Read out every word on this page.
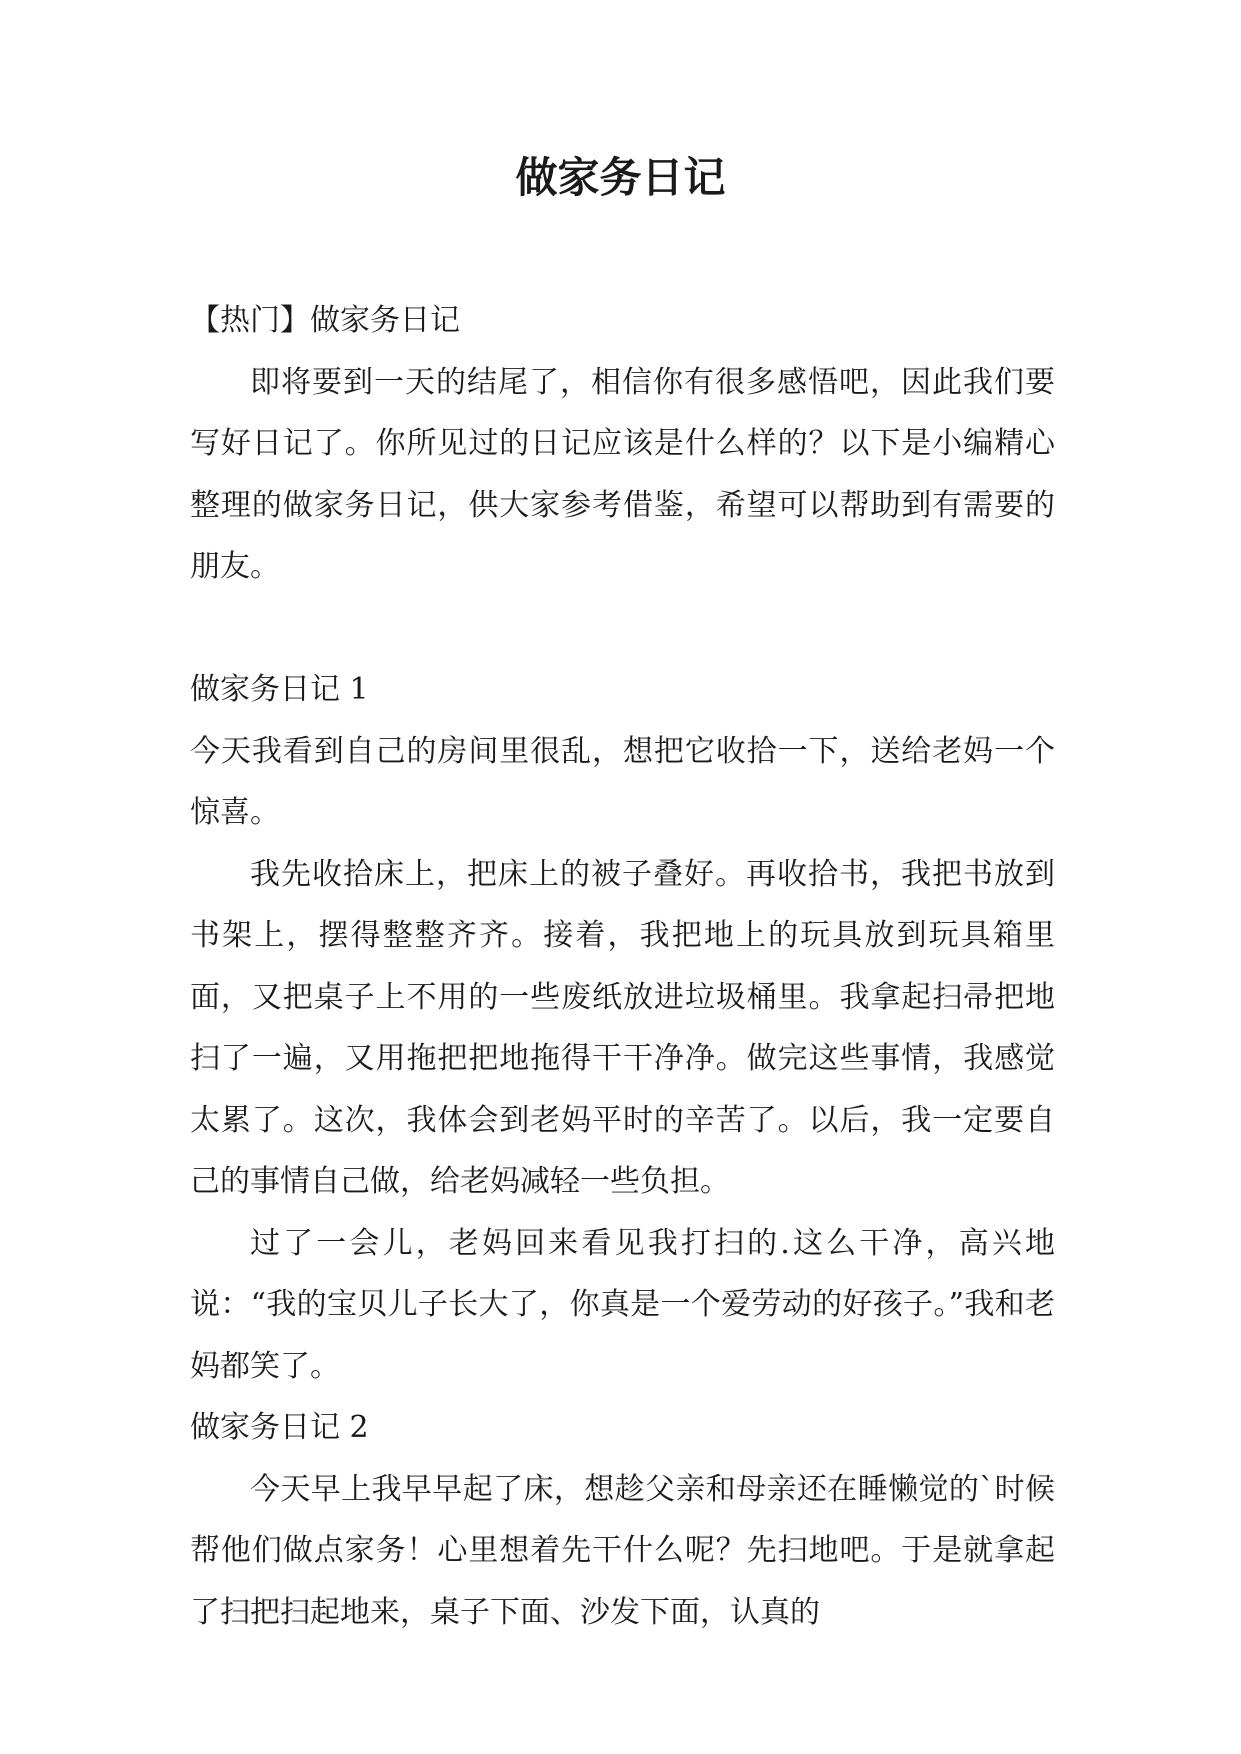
做家务日记

【热门】做家务日记

即将要到一天的结尾了，相信你有很多感悟吧，因此我们要写好日记了。你所见过的日记应该是什么样的？以下是小编精心整理的做家务日记，供大家参考借鉴，希望可以帮助到有需要的朋友。

做家务日记 1

今天我看到自己的房间里很乱，想把它收拾一下，送给老妈一个惊喜。

我先收拾床上，把床上的被子叠好。再收拾书，我把书放到书架上，摆得整整齐齐。接着，我把地上的玩具放到玩具箱里面，又把桌子上不用的一些废纸放进垃圾桶里。我拿起扫帚把地扫了一遍，又用拖把把地拖得干干净净。做完这些事情，我感觉太累了。这次，我体会到老妈平时的辛苦了。以后，我一定要自己的事情自己做，给老妈减轻一些负担。

过了一会儿，老妈回来看见我打扫的.这么干净，高兴地说：“我的宝贝儿子长大了，你真是一个爱劳动的好孩子。”我和老妈都笑了。

做家务日记 2

今天早上我早早起了床，想趁父亲和母亲还在睡懒觉的`时候帮他们做点家务！心里想着先干什么呢？先扫地吧。于是就拿起了扫把扫起地来，桌子下面、沙发下面，认真的
